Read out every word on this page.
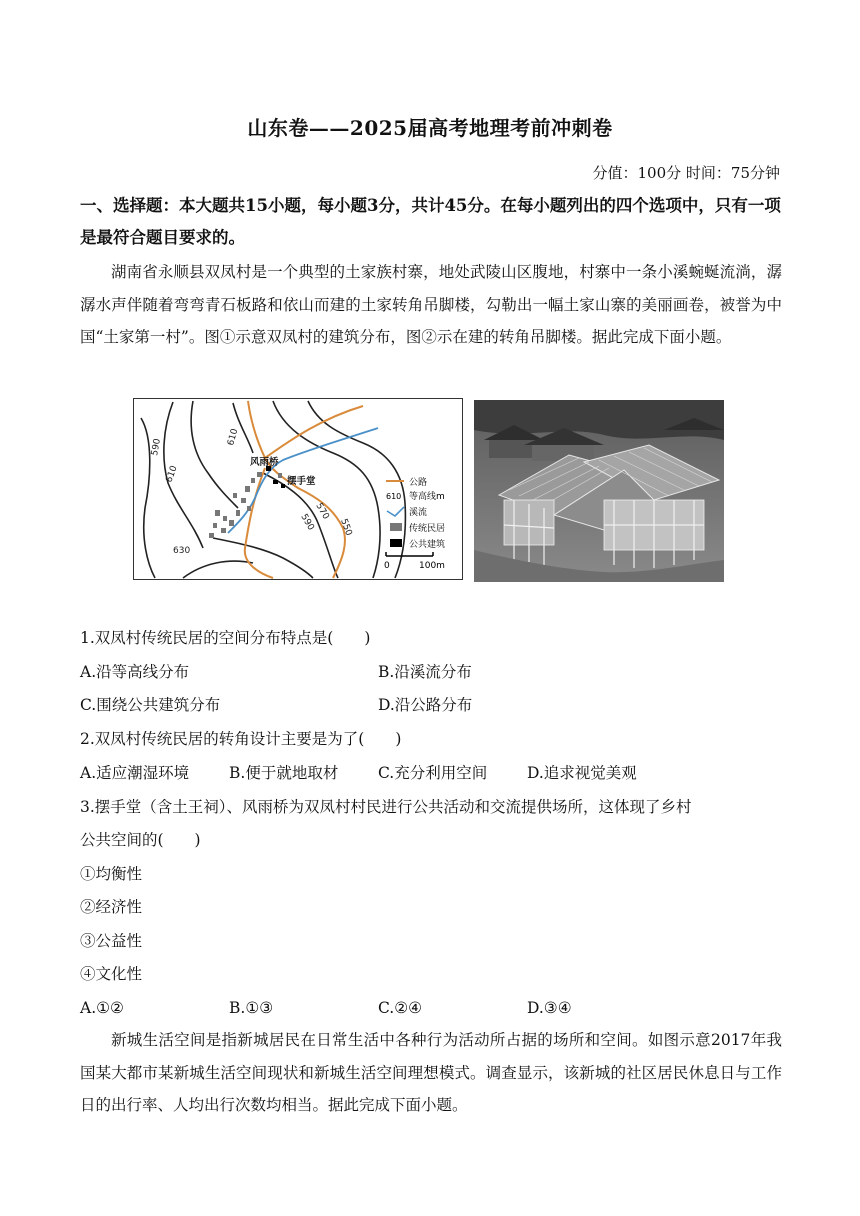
山东卷——2025届高考地理考前冲刺卷
分值：100分 时间：75分钟
一、选择题：本大题共15小题，每小题3分，共计45分。在每小题列出的四个选项中，只有一项是最符合题目要求的。
湖南省永顺县双凤村是一个典型的土家族村寨，地处武陵山区腹地，村寨中一条小溪蜿蜒流淌，潺潺水声伴随着弯弯青石板路和依山而建的土家转角吊脚楼，勾勒出一幅土家山寨的美丽画卷，被誉为中国“土家第一村”。图①示意双凤村的建筑分布，图②示在建的转角吊脚楼。据此完成下面小题。
590
610
610
630
590
570
550
风雨桥
摆手堂	公路
610 等高线m
溪流
传统民居
公共建筑
0	100m
1.双凤村传统民居的空间分布特点是(　　)
A.沿等高线分布	B.沿溪流分布
C.围绕公共建筑分布	D.沿公路分布
2.双凤村传统民居的转角设计主要是为了(　　)
A.适应潮湿环境	B.便于就地取材	C.充分利用空间	D.追求视觉美观
3.摆手堂（含土王祠）、风雨桥为双凤村村民进行公共活动和交流提供场所，这体现了乡村
公共空间的(　　)
①均衡性
②经济性
③公益性
④文化性
A.①②	B.①③	C.②④	D.③④
新城生活空间是指新城居民在日常生活中各种行为活动所占据的场所和空间。如图示意2017年我国某大都市某新城生活空间现状和新城生活空间理想模式。调查显示，该新城的社区居民休息日与工作日的出行率、人均出行次数均相当。据此完成下面小题。
